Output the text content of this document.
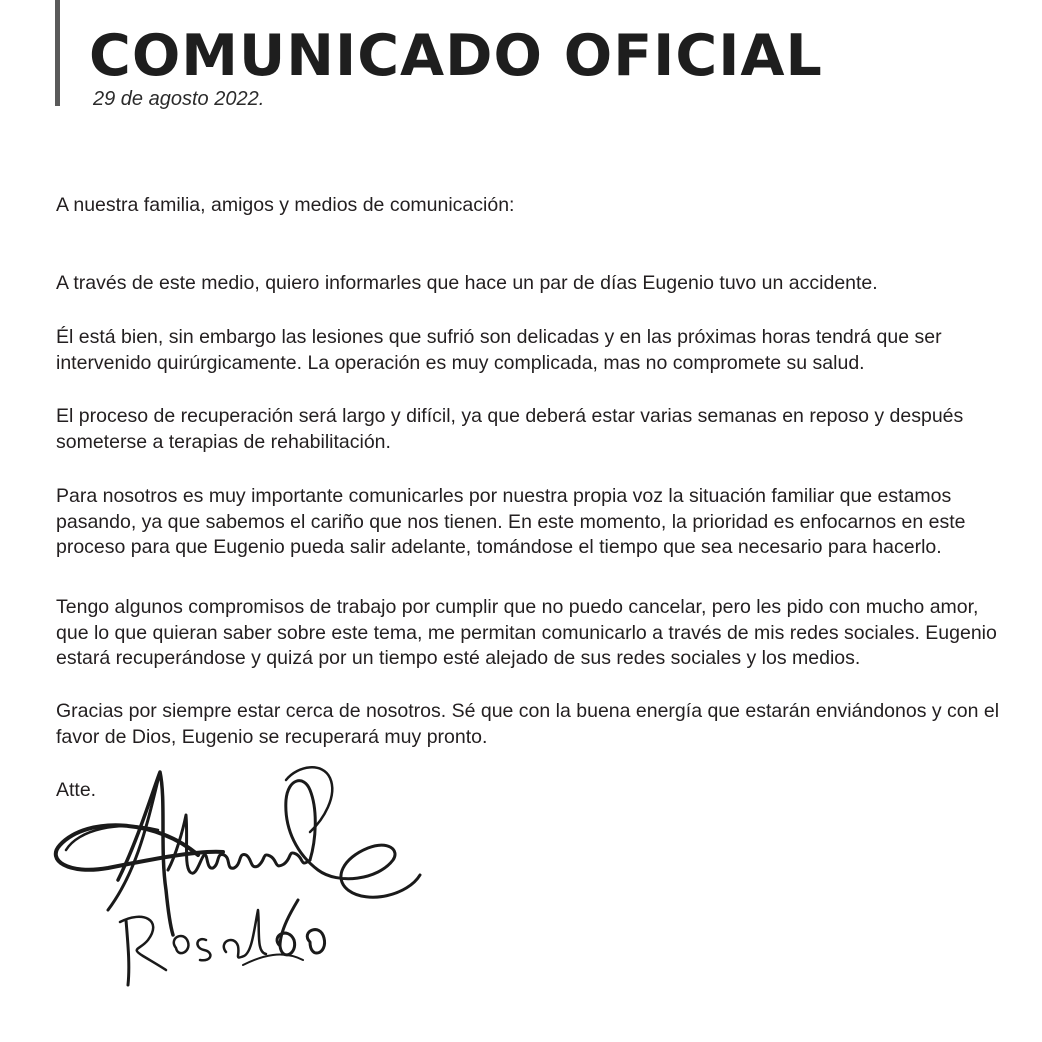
COMUNICADO OFICIAL
29 de agosto 2022.

A nuestra familia, amigos y medios de comunicación:

A través de este medio, quiero informarles que hace un par de días Eugenio tuvo un accidente.

Él está bien, sin embargo las lesiones que sufrió son delicadas y en las próximas horas tendrá que ser intervenido quirúrgicamente. La operación es muy complicada, mas no compromete su salud.

El proceso de recuperación será largo y difícil, ya que deberá estar varias semanas en reposo y después someterse a terapias de rehabilitación.

Para nosotros es muy importante comunicarles por nuestra propia voz la situación familiar que estamos pasando, ya que sabemos el cariño que nos tienen. En este momento, la prioridad es enfocarnos en este proceso para que Eugenio pueda salir adelante, tomándose el tiempo que sea necesario para hacerlo.

Tengo algunos compromisos de trabajo por cumplir que no puedo cancelar, pero les pido con mucho amor, que lo que quieran saber sobre este tema, me permitan comunicarlo a través de mis redes sociales. Eugenio estará recuperándose y quizá por un tiempo esté alejado de sus redes sociales y los medios.

Gracias por siempre estar cerca de nosotros. Sé que con la buena energía que estarán enviándonos y con el favor de Dios, Eugenio se recuperará muy pronto.

Atte.
